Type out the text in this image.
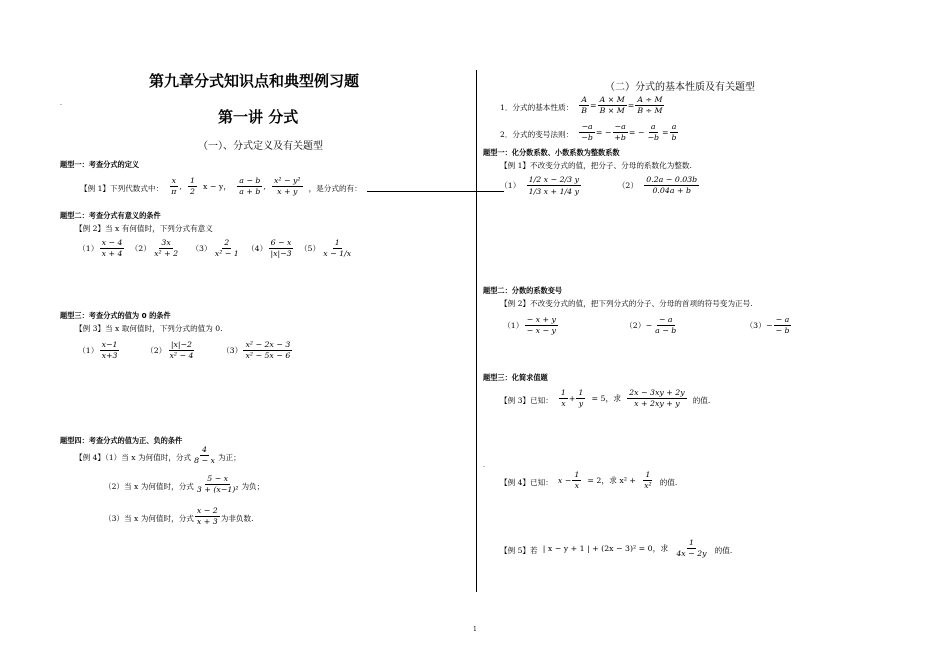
第九章分式知识点和典型例习题
.
第一讲 分式
（一）、分式定义及有关题型
题型一：考查分式的定义
【例 1】下列代数式中： $\frac{x}{\pi}$ , $\frac{1}{2}$ x − y， $\frac{a - b}{a + b}$ , $\frac{\text{x² − y²}}{x + y}$ ，是分式的有：
题型二：考查分式有意义的条件
【例 2】当 x 有何值时，下列分式有意义
$(1) \frac{x - 4}{x + 4} (2) \frac{3x}{\text{x² + 2}} (3) \frac{2}{\text{x² − 1}} (4) \frac{6 - x}{|x|-3} (5) \frac{1}{x - 1/x}$
题型三：考查分式的值为 0 的条件
【例 3】当 x 取何值时，下列分式的值为 0.
$(1) \frac{x-1}{x+3}$	$(2) \frac{|x|-2}{\text{x² − 4}}$	$(3) \frac{\text{x² − 2x − 3}}{\text{x² − 5x − 6}}$
题型四：考查分式的值为正、负的条件
【例 4】（1）当 x 为何值时，分式 $\frac{4}{8 - x}$ 为正；
（2）当 x 为何值时，分式 $\frac{5 - x}{\text{3 + (x−1)²}}$ 为负；
（3）当 x 为何值时，分式 $\frac{x - 2}{x + 3}$ 为非负数.
（二）分式的基本性质及有关题型
1．分式的基本性质： $\frac{A}{B} = \frac{A \times M}{B \times M} = \frac{A \div M}{B \div M}$
2．分式的变号法则： $\frac{-a}{-b}$ = − $\frac{-a}{+b}$ = − $\frac{a}{-b} = \frac{a}{b}$
题型一：化分数系数、小数系数为整数系数
【例 1】不改变分式的值，把分子、分母的系数化为整数.
$(1) \frac{1/2 x - 2/3 y}{1/3 x + 1/4 y}$	$(2) \frac{0.2a - 0.03b}{0.04a + b}$
题型二：分数的系数变号
【例 2】不改变分式的值，把下列分式的分子、分母的首项的符号变为正号.
$(1) \frac{- x + y}{- x - y}$	$(2)- \frac{- a}{a - b}$	$(3)- \frac{- a}{- b}$
题型三：化简求值题
【例 3】已知： $\frac{1}{x} + \frac{1}{y} = 5$，求 $\frac{2x - 3xy + 2y}{x + 2xy + y}$ 的值.
.
【例 4】已知： $x - \frac{1}{x} = 2$，求 $x^2 + \frac{1}{\text{x²}}$ 的值.
【例 5】若 | x − y + 1 | + (2x − 3)² = 0，求 $\frac{1}{4x - 2y}$ 的值.
1
